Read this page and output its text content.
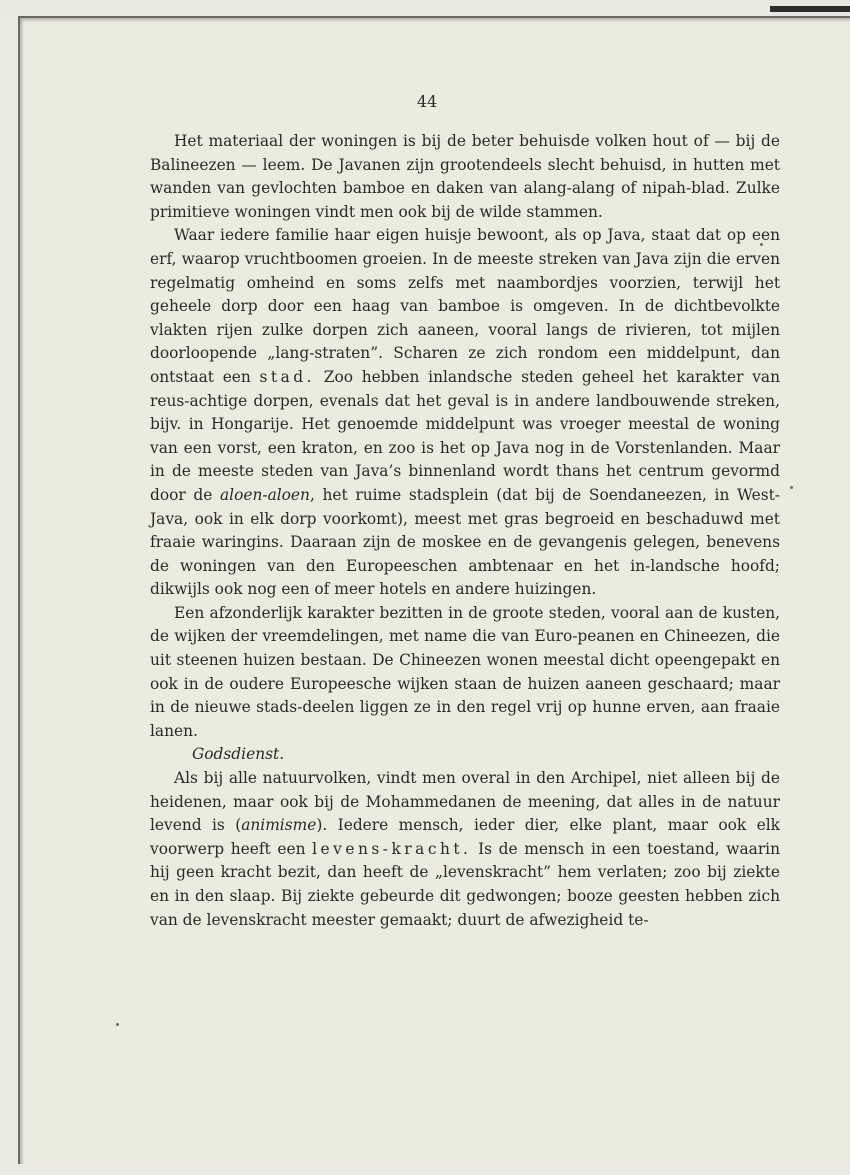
44

Het materiaal der woningen is bij de beter behuisde volken hout of — bij de Balineezen — leem. De Javanen zijn grootendeels slecht behuisd, in hutten met wanden van gevlochten bamboe en daken van alang-alang of nipah-blad. Zulke primitieve woningen vindt men ook bij de wilde stammen.

Waar iedere familie haar eigen huisje bewoont, als op Java, staat dat op een erf, waarop vruchtboomen groeien. In de meeste streken van Java zijn die erven regelmatig omheind en soms zelfs met naambordjes voorzien, terwijl het geheele dorp door een haag van bamboe is omgeven. In de dichtbevolkte vlakten rijen zulke dorpen zich aaneen, vooral langs de rivieren, tot mijlen doorloopende „lang-straten”. Scharen ze zich rondom een middelpunt, dan ontstaat een stad. Zoo hebben inlandsche steden geheel het karakter van reus-achtige dorpen, evenals dat het geval is in andere landbouwende streken, bijv. in Hongarije. Het genoemde middelpunt was vroeger meestal de woning van een vorst, een kraton, en zoo is het op Java nog in de Vorstenlanden. Maar in de meeste steden van Java’s binnenland wordt thans het centrum gevormd door de aloen-aloen, het ruime stadsplein (dat bij de Soendaneezen, in West-Java, ook in elk dorp voorkomt), meest met gras begroeid en beschaduwd met fraaie waringins. Daaraan zijn de moskee en de gevangenis gelegen, benevens de woningen van den Europeeschen ambtenaar en het in-landsche hoofd; dikwijls ook nog een of meer hotels en andere huizingen.

Een afzonderlijk karakter bezitten in de groote steden, vooral aan de kusten, de wijken der vreemdelingen, met name die van Euro-peanen en Chineezen, die uit steenen huizen bestaan. De Chineezen wonen meestal dicht opeengepakt en ook in de oudere Europeesche wijken staan de huizen aaneen geschaard; maar in de nieuwe stads-deelen liggen ze in den regel vrij op hunne erven, aan fraaie lanen.

Godsdienst.

Als bij alle natuurvolken, vindt men overal in den Archipel, niet alleen bij de heidenen, maar ook bij de Mohammedanen de meening, dat alles in de natuur levend is (animisme). Iedere mensch, ieder dier, elke plant, maar ook elk voorwerp heeft een levens-kracht. Is de mensch in een toestand, waarin hij geen kracht bezit, dan heeft de „levenskracht” hem verlaten; zoo bij ziekte en in den slaap. Bij ziekte gebeurde dit gedwongen; booze geesten hebben zich van de levenskracht meester gemaakt; duurt de afwezigheid te-
